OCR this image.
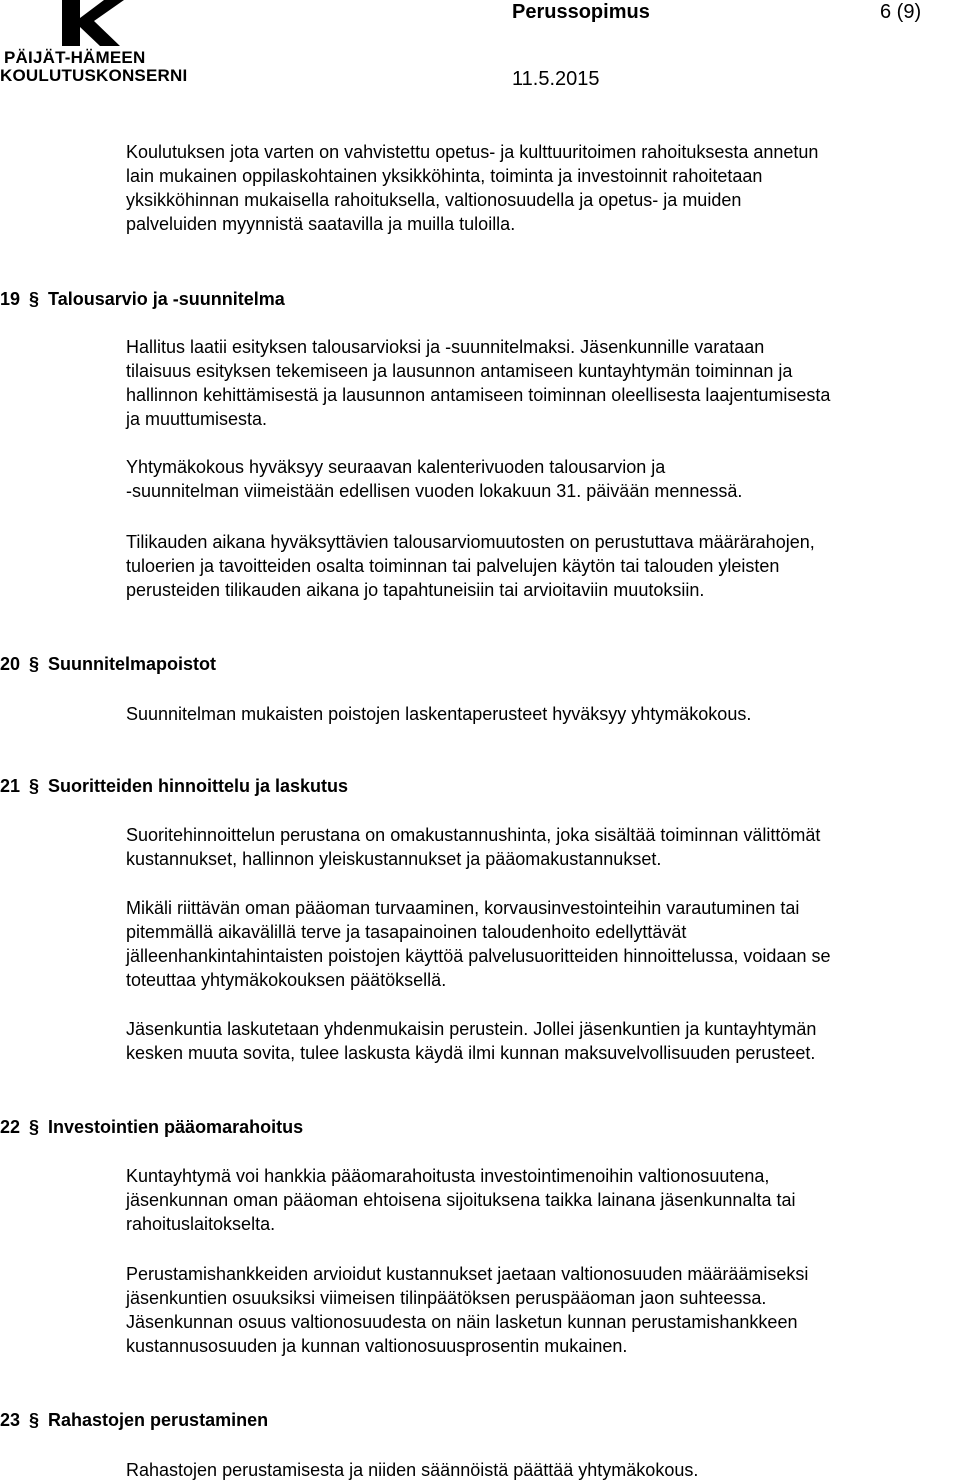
PÄIJÄT-HÄMEEN
KOULUTUSKONSERNI
Perussopimus	6 (9)
11.5.2015
Koulutuksen jota varten on vahvistettu opetus- ja kulttuuritoimen rahoituksesta annetun
lain mukainen oppilaskohtainen yksikköhinta, toiminta ja investoinnit rahoitetaan
yksikköhinnan mukaisella rahoituksella, valtionosuudella ja opetus- ja muiden
palveluiden myynnistä saatavilla ja muilla tuloilla.
19 § Talousarvio ja -suunnitelma
Hallitus laatii esityksen talousarvioksi ja -suunnitelmaksi. Jäsenkunnille varataan
tilaisuus esityksen tekemiseen ja lausunnon antamiseen kuntayhtymän toiminnan ja
hallinnon kehittämisestä ja lausunnon antamiseen toiminnan oleellisesta laajentumisesta
ja muuttumisesta.
Yhtymäkokous hyväksyy seuraavan kalenterivuoden talousarvion ja
-suunnitelman viimeistään edellisen vuoden lokakuun 31. päivään mennessä.
Tilikauden aikana hyväksyttävien talousarviomuutosten on perustuttava määrärahojen,
tuloerien ja tavoitteiden osalta toiminnan tai palvelujen käytön tai talouden yleisten
perusteiden tilikauden aikana jo tapahtuneisiin tai arvioitaviin muutoksiin.
20 § Suunnitelmapoistot
Suunnitelman mukaisten poistojen laskentaperusteet hyväksyy yhtymäkokous.
21 § Suoritteiden hinnoittelu ja laskutus
Suoritehinnoittelun perustana on omakustannushinta, joka sisältää toiminnan välittömät
kustannukset, hallinnon yleiskustannukset ja pääomakustannukset.
Mikäli riittävän oman pääoman turvaaminen, korvausinvestointeihin varautuminen tai
pitemmällä aikavälillä terve ja tasapainoinen taloudenhoito edellyttävät
jälleenhankintahintaisten poistojen käyttöä palvelusuoritteiden hinnoittelussa, voidaan se
toteuttaa yhtymäkokouksen päätöksellä.
Jäsenkuntia laskutetaan yhdenmukaisin perustein. Jollei jäsenkuntien ja kuntayhtymän
kesken muuta sovita, tulee laskusta käydä ilmi kunnan maksuvelvollisuuden perusteet.
22 § Investointien pääomarahoitus
Kuntayhtymä voi hankkia pääomarahoitusta investointimenoihin valtionosuutena,
jäsenkunnan oman pääoman ehtoisena sijoituksena taikka lainana jäsenkunnalta tai
rahoituslaitokselta.
Perustamishankkeiden arvioidut kustannukset jaetaan valtionosuuden määräämiseksi
jäsenkuntien osuuksiksi viimeisen tilinpäätöksen peruspääoman jaon suhteessa.
Jäsenkunnan osuus valtionosuudesta on näin lasketun kunnan perustamishankkeen
kustannusosuuden ja kunnan valtionosuusprosentin mukainen.
23 § Rahastojen perustaminen
Rahastojen perustamisesta ja niiden säännöistä päättää yhtymäkokous.
